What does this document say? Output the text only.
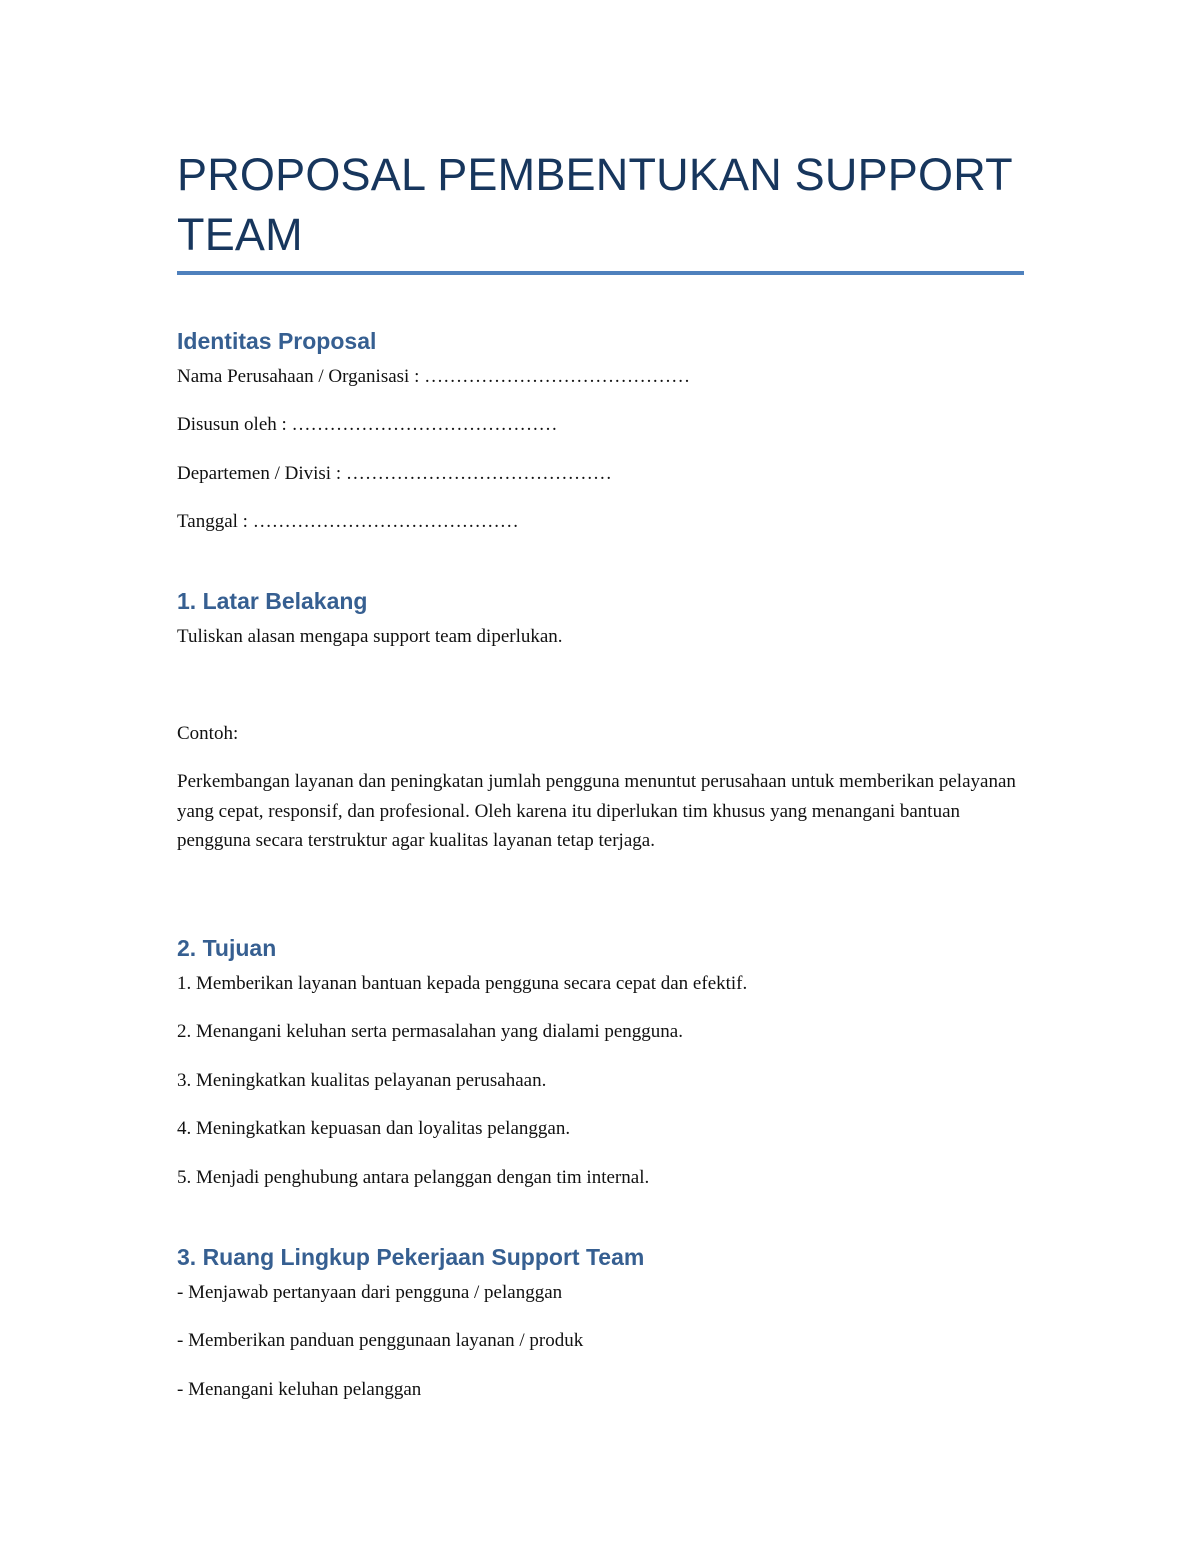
PROPOSAL PEMBENTUKAN SUPPORT
TEAM
Identitas Proposal

Nama Perusahaan / Organisasi : ……………………………………

Disusun oleh : ……………………………………

Departemen / Divisi : ……………………………………

Tanggal : ……………………………………

1. Latar Belakang

Tuliskan alasan mengapa support team diperlukan.

Contoh:

Perkembangan layanan dan peningkatan jumlah pengguna menuntut perusahaan untuk memberikan pelayanan yang cepat, responsif, dan profesional. Oleh karena itu diperlukan tim khusus yang menangani bantuan pengguna secara terstruktur agar kualitas layanan tetap terjaga.

2. Tujuan

1. Memberikan layanan bantuan kepada pengguna secara cepat dan efektif.

2. Menangani keluhan serta permasalahan yang dialami pengguna.

3. Meningkatkan kualitas pelayanan perusahaan.

4. Meningkatkan kepuasan dan loyalitas pelanggan.

5. Menjadi penghubung antara pelanggan dengan tim internal.

3. Ruang Lingkup Pekerjaan Support Team

- Menjawab pertanyaan dari pengguna / pelanggan

- Memberikan panduan penggunaan layanan / produk

- Menangani keluhan pelanggan
